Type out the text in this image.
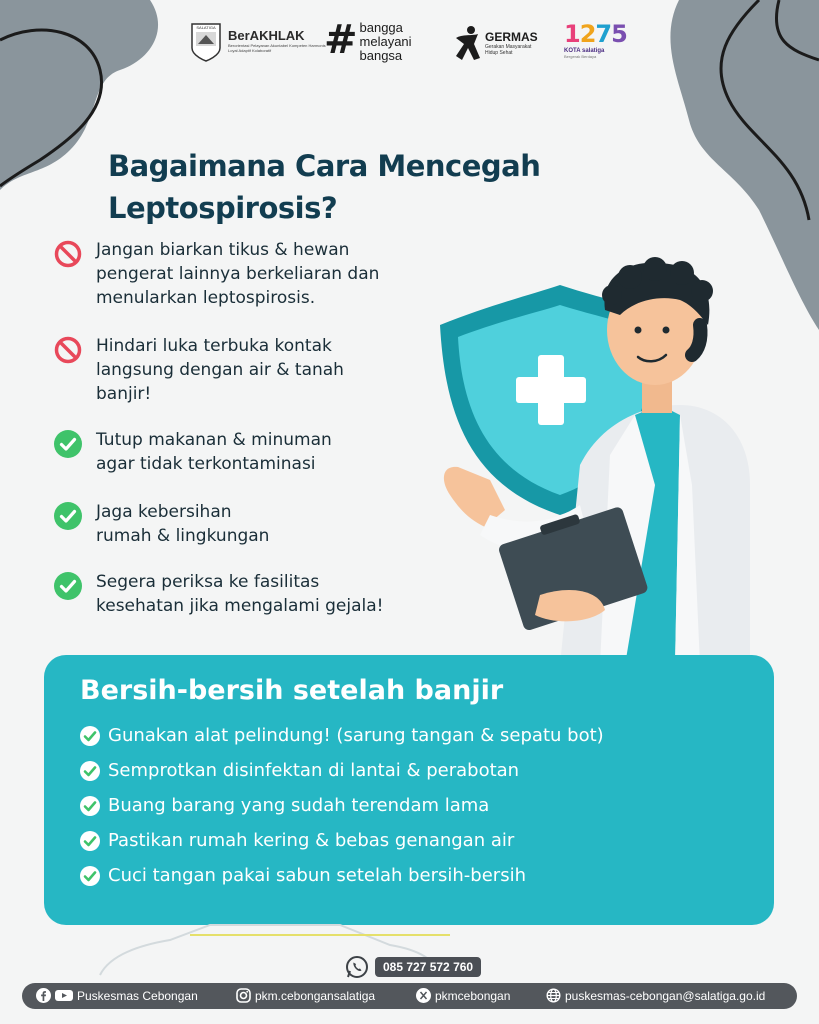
SALATIGA
BerAKHLAK
Berorientasi Pelayanan Akuntabel Kompeten Harmonis Loyal Adaptif Kolaboratif	# bangga
melayani
bangsa
GERMAS
Gerakan Masyarakat Hidup Sehat
1275
KOTA salatiga
Bergerak Berdaya
Bagaimana Cara Mencegah
Leptospirosis?
Jangan biarkan tikus & hewan
pengerat lainnya berkeliaran dan
menularkan leptospirosis.
Hindari luka terbuka kontak
langsung dengan air & tanah
banjir!
Tutup makanan & minuman
agar tidak terkontaminasi
Jaga kebersihan
rumah & lingkungan
Segera periksa ke fasilitas
kesehatan jika mengalami gejala!
Bersih-bersih setelah banjir
Gunakan alat pelindung! (sarung tangan & sepatu bot)
Semprotkan disinfektan di lantai & perabotan
Buang barang yang sudah terendam lama
Pastikan rumah kering & bebas genangan air
Cuci tangan pakai sabun setelah bersih-bersih
085 727 572 760
Puskesmas Cebongan	pkm.cebongansalatiga	pkmcebongan	puskesmas-cebongan@salatiga.go.id
